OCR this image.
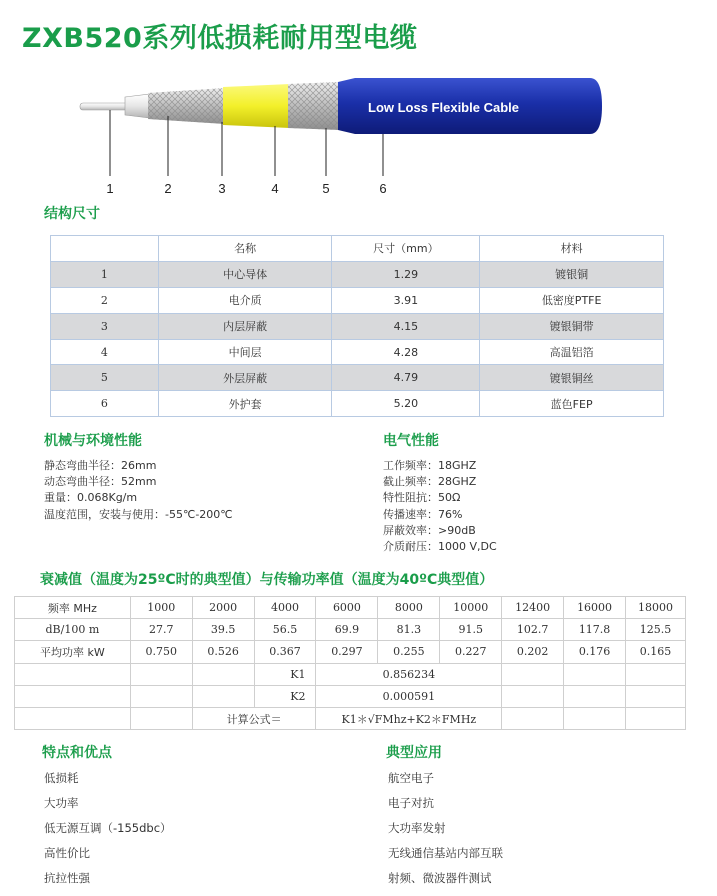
ZXB520系列低损耗耐用型电缆
Low Loss Flexible Cable
1	2	3	4	5	6
结构尺寸
	名称	尺寸（mm）	材料
1	中心导体	1.29	镀银铜
2	电介质	3.91	低密度PTFE
3	内层屏蔽	4.15	镀银铜带
4	中间层	4.28	高温铝箔
5	外层屏蔽	4.79	镀银铜丝
6	外护套	5.20	蓝色FEP
机械与环境性能
静态弯曲半径：26mm
动态弯曲半径：52mm
重量：0.068Kg/m
温度范围，安装与使用：-55℃-200℃
电气性能
工作频率：18GHZ
截止频率：28GHZ
特性阻抗：50Ω
传播速率：76%
屏蔽效率：>90dB
介质耐压：1000 V,DC
衰减值（温度为25ºC时的典型值）与传输功率值（温度为40ºC典型值）
频率 MHz	1000	2000	4000	6000	8000	10000	12400	16000	18000
dB/100 m	27.7	39.5	56.5	69.9	81.3	91.5	102.7	117.8	125.5
平均功率 kW	0.750	0.526	0.367	0.297	0.255	0.227	0.202	0.176	0.165
			K1	0.856234					
			K2	0.000591					
		计算公式＝		K1＊√FMhz+K2＊FMHz					
特点和优点
低损耗
大功率
低无源互调（-155dbc）
高性价比
抗拉性强
典型应用
航空电子
电子对抗
大功率发射
无线通信基站内部互联
射频、微波器件测试
